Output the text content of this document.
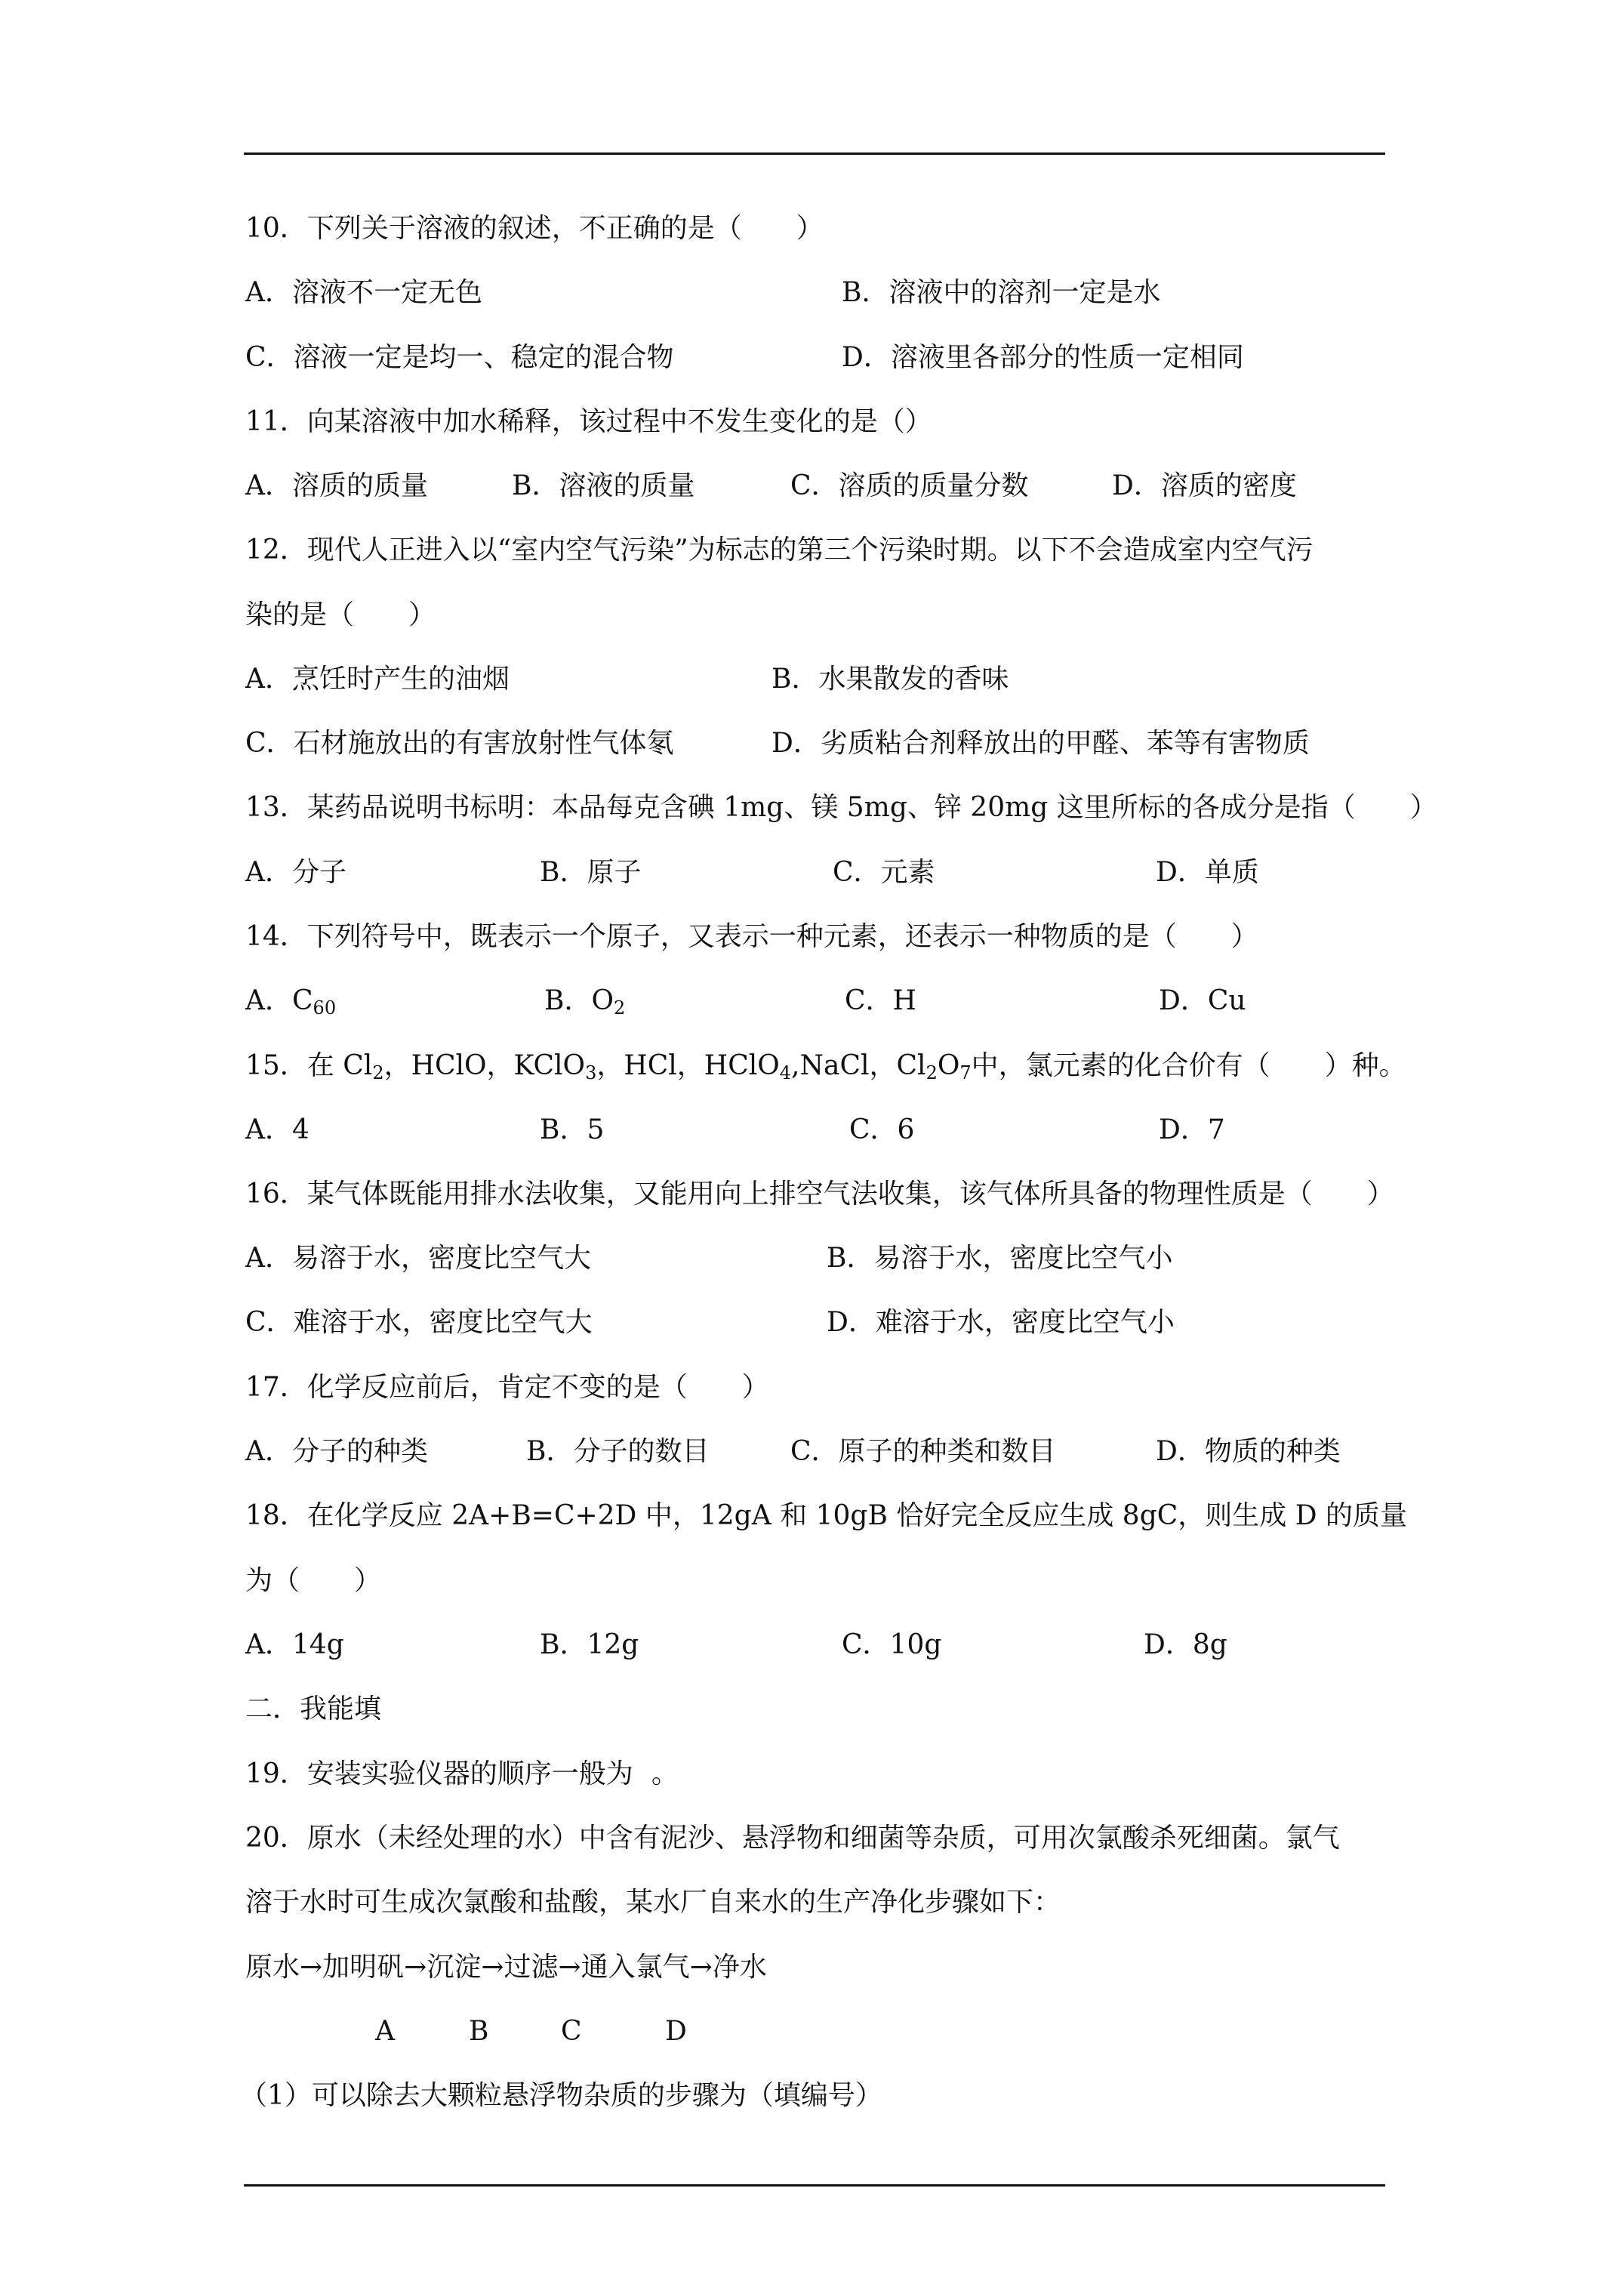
10．下列关于溶液的叙述，不正确的是（　　）
A．溶液不一定无色	B．溶液中的溶剂一定是水
C．溶液一定是均一、稳定的混合物	D．溶液里各部分的性质一定相同
11．向某溶液中加水稀释，该过程中不发生变化的是（）
A．溶质的质量	B．溶液的质量	C．溶质的质量分数	D．溶质的密度
12．现代人正进入以“室内空气污染”为标志的第三个污染时期。以下不会造成室内空气污
染的是（　　）
A．烹饪时产生的油烟	B．水果散发的香味
C．石材施放出的有害放射性气体氡	D．劣质粘合剂释放出的甲醛、苯等有害物质
13．某药品说明书标明：本品每克含碘 1mg、镁 5mg、锌 20mg 这里所标的各成分是指（　　）
A．分子	B．原子	C．元素	D．单质
14．下列符号中，既表示一个原子，又表示一种元素，还表示一种物质的是（　　）
A．$C_{60}$	B．$O_2$	C．H	D．Cu
15．在 $Cl_2$，HClO，KClO$_3$，HCl，HClO$_4$,NaCl，$Cl_2O_7$中，氯元素的化合价有（　　）种。
A．4	B．5	C．6	D．7
16．某气体既能用排水法收集，又能用向上排空气法收集，该气体所具备的物理性质是（　　）
A．易溶于水，密度比空气大	B．易溶于水，密度比空气小
C．难溶于水，密度比空气大	D．难溶于水，密度比空气小
17．化学反应前后，肯定不变的是（　　）
A．分子的种类	B．分子的数目	C．原子的种类和数目	D．物质的种类
18．在化学反应 2A+B=C+2D 中，12gA 和 10gB 恰好完全反应生成 8gC，则生成 D 的质量
为（　　）
A．14g	B．12g	C．10g	D．8g
二．我能填
19．安装实验仪器的顺序一般为 。
20．原水（未经处理的水）中含有泥沙、悬浮物和细菌等杂质，可用次氯酸杀死细菌。氯气
溶于水时可生成次氯酸和盐酸，某水厂自来水的生产净化步骤如下：
原水→加明矾→沉淀→过滤→通入氯气→净水
A	B	C	D
（1）可以除去大颗粒悬浮物杂质的步骤为（填编号）
